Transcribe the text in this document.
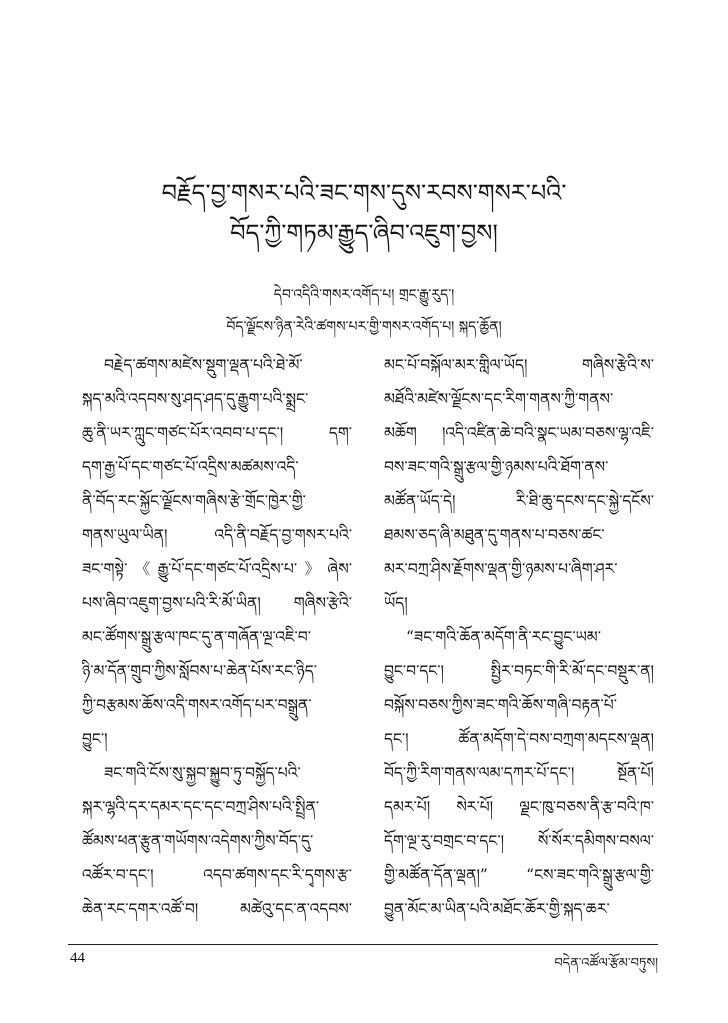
བརྗོད་བྱ་གསར་པའི་ཟང་གས་དུས་རབས་གསར་པའི་
བོད་ཀྱི་གཏམ་རྒྱུད་ཞིབ་འཇུག་བྱས།
དེབ་འདིའི་གསར་འགོད་པ། གྲང་རྒྱུ་རུད་།
བོད་ལྗོངས་ཉིན་རེའི་ཚགས་པར་གྱི་གསར་འགོད་པ། སྐད་ཆྱོན།
བརྗེད་ཚགས་མཛེས་སྡུག་ལྡན་པའི་ཐེ་མོ་
སྐད་མའི་འདབས་སུ་ཤད་ཤད་དུ་རྒྱུག་པའི་སྨྲང་
ཆུ་ནི་ཡར་ཀླུང་གཙང་པོར་འབབ་པ་དང་། དག་
དག་རྒྱ་པོ་དང་གཙང་པོ་འདྲིས་མཚམས་འདི་
ནི་བོད་རང་སྐྱོང་ལྗོངས་གཞིས་རྩེ་གྲོང་ཁྱེར་གྱི་
གནས་ཡུལ་ཡིན། འདི་ནི་བརྗོད་བྱ་གསར་པའི་
ཟང་གསྟེ་《རྒྱུ་པོ་དང་གཙང་པོ་འདྲིས་པ་》ཞེས་
པས་ཞིབ་འཇུག་བྱས་པའི་རི་མོ་ཡིན། གཞིས་རྩེའི་
མང་ཚོགས་སྒྲུ་རྩལ་ཁང་དུ་ན་གཞོན་ལྔ་འཇི་བ་
ཉི་མ་དོན་གྲུབ་ཀྱིས་སློབས་པ་ཆེན་པོས་རང་ཉིད་
ཀྱི་བརྩམས་ཆོས་འདི་གསར་འགོད་པར་བསྒྲུན་
བྱུང་།
ཟང་གའི་ངོས་སུ་སྐྱབ་སྐྱུབ་ཏུ་བསྐྱོད་པའི་
སྐར་ལྷའི་དར་དམར་དང་དང་བཀྲ་ཤིས་པའི་སྤྲིན་
ཚོམས་ཕན་རྩུན་གཡོགས་འདེགས་ཀྱིས་བོད་དུ་
འཚོར་བ་དང་། འདབ་ཚགས་དང་རི་དྭགས་རྩ་
ཆེན་རང་དགར་འཚོ་བ། མཚེའུ་དང་ན་འདབས་
མང་པོ་བསྐོལ་མར་གླིལ་ཡོད། གཞིས་རྩེའི་ས་
མཐོའི་མཛེས་ལྗོངས་དང་རིག་གནས་ཀྱི་གནས་
མཆོག །འདི་འཛིན་ཆེ་བའི་སྣང་ཡམ་བཅས་ལྷ་འཇི་
བས་ཟང་གའི་སྒྲུ་རྩལ་གྱི་ཉམས་པའི་ཐོག་ནས་
མཚོན་ཡོད་དེ། རི་ཐི་ཆུ་དངས་དང་སྐྱེ་དངོས་
ཐམས་ཅད་ཞི་མཐུན་དུ་གནས་པ་བཅས་ཚང་
མར་བཀྲ་ཤིས་རྗོགས་ལྡན་གྱི་ཉམས་པ་ཞིག་ཤར་
ཡོད།
“ཟང་གའི་ཆོན་མདོག་ནི་རང་བྱུང་ཡམ་
བྱུང་བ་དང་། སྤྱིར་བཏང་གི་རི་མོ་དང་བསྡུར་ན།
བསྐོས་བཅས་ཀྱིས་ཟང་གའི་ཆོས་གཞི་བརྟན་པོ་
དང་། ཚོན་མདོག་དེ་བས་བཀྲག་མདངས་ལྡན།
བོད་ཀྱི་རིག་གནས་ལམ་དཀར་པོ་དང་། སྔོན་པོ།
དམར་པོ། སེར་པོ། ལྗང་ཁུ་བཅས་ནི་རྩ་བའི་ཁ་
དོག་ལྔ་རུ་བགྲང་བ་དང་། སོ་སོར་དམིགས་བསལ་
གྱི་མཚོན་དོན་ལྡན།” “ངས་ཟང་གའི་སྒྲུ་རྩལ་གྱི་
བྱུན་མོང་མ་ཡིན་པའི་མཐོང་ཆོར་གྱི་སྐད་ཆར་
44	བདེན་འཚོལ་རྩོམ་བཏུས།
